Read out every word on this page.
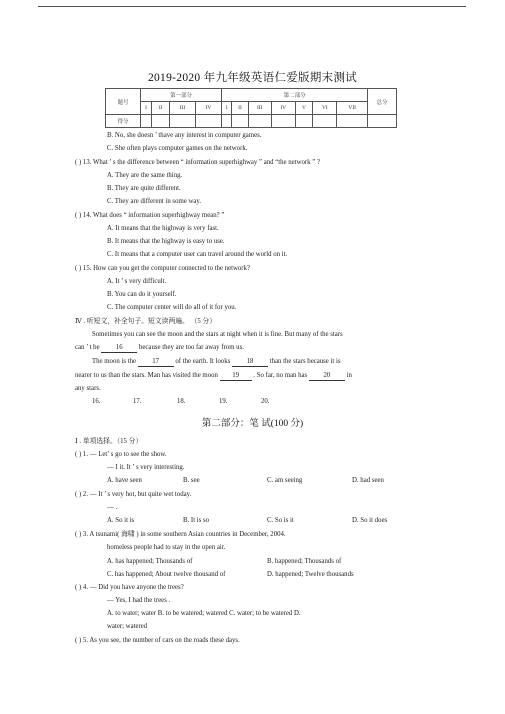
2019-2020 年九年级英语仁爱版期末测试
题号	第一部分				第二部分							总分
	I	II	III	IV	I	II	III	IV	V	VI	VII	
得分												
B. No, she doesn ’ thave any interest in computer games.
C. She often plays computer games on the network.
( ) 13. What ’ s the difference between “ information superhighway ” and “the network ” ?
A. They are the same thing.
B. They are quite different.
C. They are different in some way.
( ) 14. What does “ information superhighway mean? ”
A. It means that the highway is very fast.
B. It means that the highway is easy to use.
C. It means that a computer user can travel around the world on it.
( ) 15. How can you get the computer connected to the network?
A. It ’ s very difficult.
B. You can do it yourself.
C. The computer center will do all of it for you.
Ⅳ . 听短文，补全句子。短文读两遍。 （5 分）
Sometimes you can see the moon and the stars at night when it is fine. But many of the stars
can ’ t be 16 because they are too far away from us.
The moon is the 17 of the earth. It looks 18 than the stars because it is
nearer to us than the stars. Man has visited the moon 19 . So far, no man has 20 in
any stars.
16.	17.	18.	19.	20.
第二部分：笔 试(100 分)
Ⅰ . 单项选择。（15 分）
( ) 1. — Let’ s go to see the show.
— I it. It ’ s very interesting.
A. have seen	B. see	C. am seeing	D. had seen
( ) 2. — It ’ s very hot, but quite wet today.
— .
A. So it is	B. It is so	C. So is it	D. So it does
( ) 3. A tsunami( 海啸 ) in some southern Asian countries in December, 2004.
homeless people had to stay in the open air.
A. has happened; Thousands of	B. happened; Thousands of
C. has happened; About twelve thousand of	D. happened; Twelve thousands
( ) 4. — Did you have anyone the trees?
— Yes, I had the trees .
A. to water; water B. to be watered; watered C. water; to be watered D.
water; watered
( ) 5. As you see, the number of cars on the roads these days.
